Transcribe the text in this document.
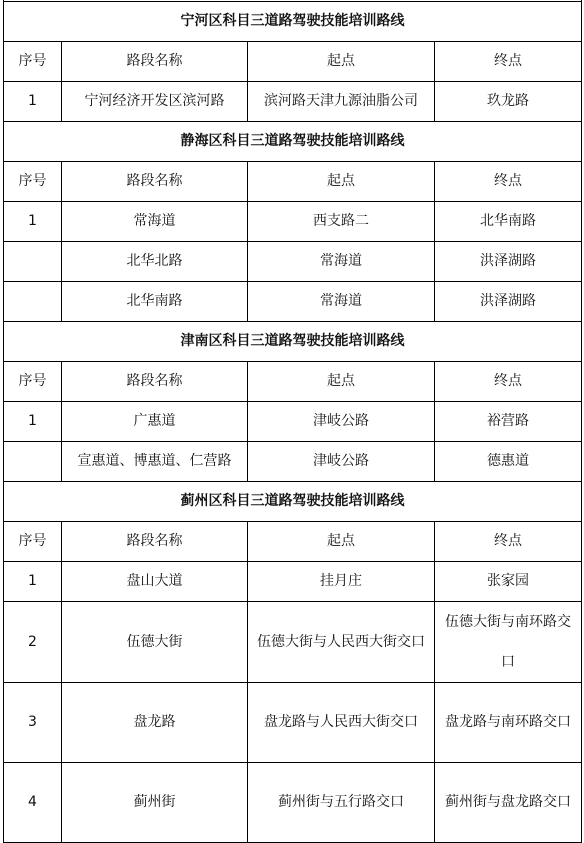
宁河区科目三道路驾驶技能培训路线			
序号	路段名称	起点	终点
1	宁河经济开发区滨河路	滨河路天津九源油脂公司	玖龙路
静海区科目三道路驾驶技能培训路线			
序号	路段名称	起点	终点
1	常海道	西支路二	北华南路
	北华北路	常海道	洪泽湖路
	北华南路	常海道	洪泽湖路
津南区科目三道路驾驶技能培训路线			
序号	路段名称	起点	终点
1	广惠道	津岐公路	裕营路
	宣惠道、博惠道、仁营路	津岐公路	德惠道
蓟州区科目三道路驾驶技能培训路线			
序号	路段名称	起点	终点
1	盘山大道	挂月庄	张家园
2	伍德大街	伍德大街与人民西大街交口	伍德大街与南环路交口
3	盘龙路	盘龙路与人民西大街交口	盘龙路与南环路交口
4	蓟州街	蓟州街与五行路交口	蓟州街与盘龙路交口
